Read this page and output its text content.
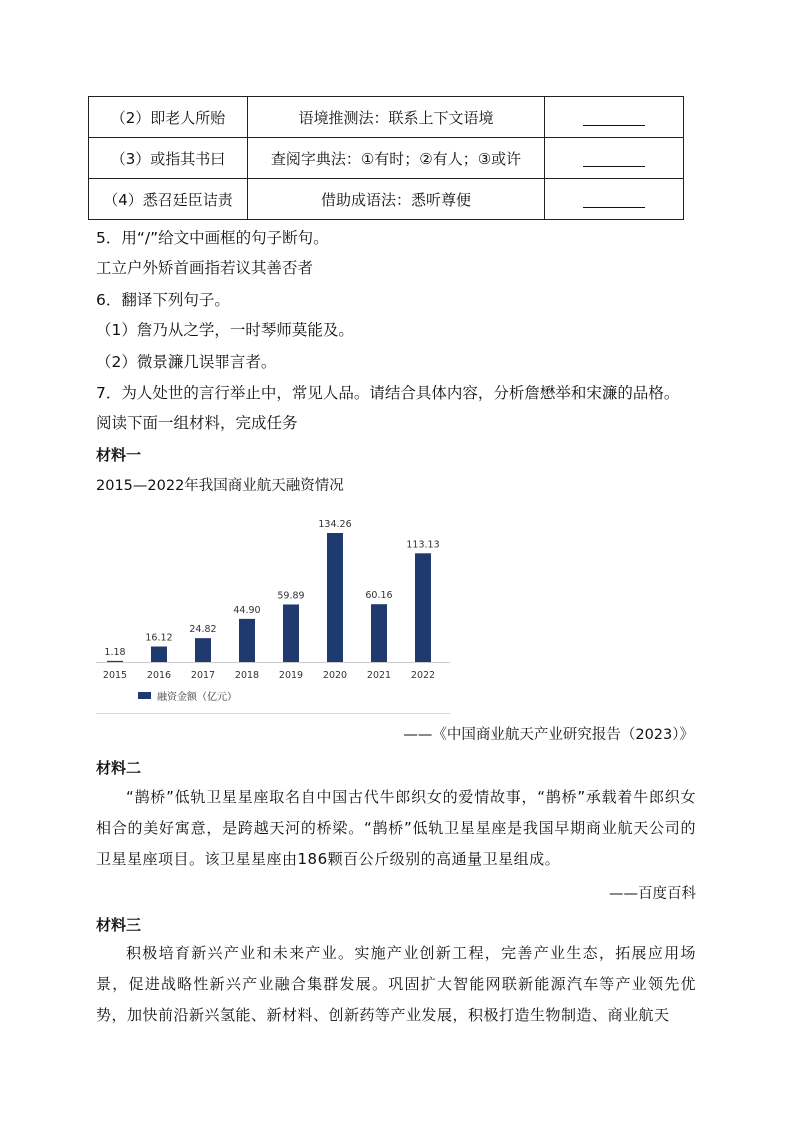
（2）即老人所贻	语境推测法：联系上下文语境	
（3）或指其书曰	查阅字典法：①有时；②有人；③或许	
（4）悉召廷臣诘责	借助成语法：悉听尊便	
5．用“/”给文中画框的句子断句。
工立户外矫首画指若议其善否者
6．翻译下列句子。
（1）詹乃从之学，一时琴师莫能及。
（2）微景濂几误罪言者。
7．为人处世的言行举止中，常见人品。请结合具体内容，分析詹懋举和宋濂的品格。
阅读下面一组材料，完成任务
材料一
2015—2022年我国商业航天融资情况
1.18
2015
16.12
2016
24.82
2017
44.90
2018
59.89
2019
134.26
2020
60.16
2021
113.13
2022
融资金额（亿元）
——《中国商业航天产业研究报告（2023）》
材料二

“鹊桥”低轨卫星星座取名自中国古代牛郎织女的爱情故事，“鹊桥”承载着牛郎织女相合的美好寓意，是跨越天河的桥梁。“鹊桥”低轨卫星星座是我国早期商业航天公司的卫星星座项目。该卫星星座由186颗百公斤级别的高通量卫星组成。

——百度百科
材料三

积极培育新兴产业和未来产业。实施产业创新工程，完善产业生态，拓展应用场景，促进战略性新兴产业融合集群发展。巩固扩大智能网联新能源汽车等产业领先优势，加快前沿新兴氢能、新材料、创新药等产业发展，积极打造生物制造、商业航天
